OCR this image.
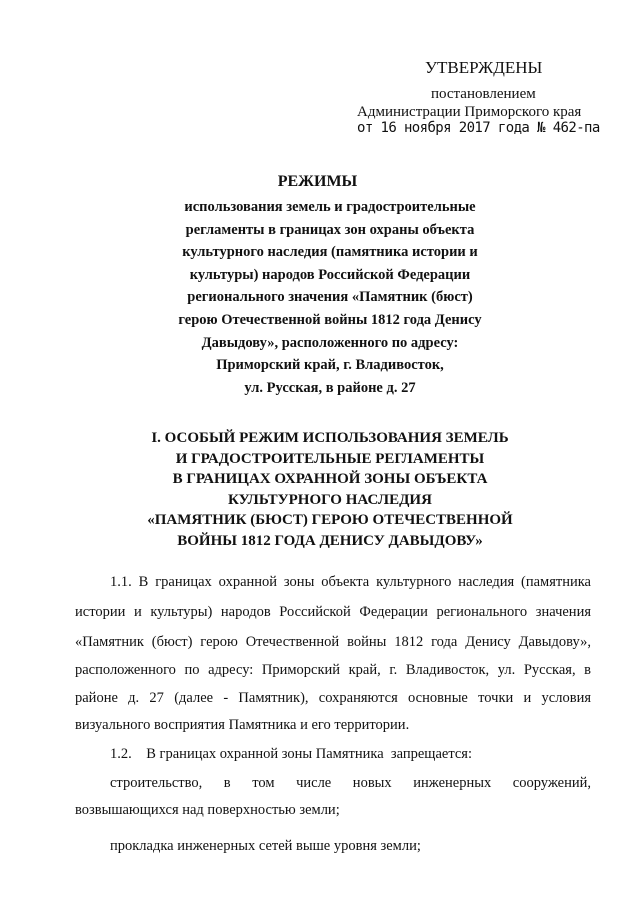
УТВЕРЖДЕНЫ
постановлением
Администрации Приморского края
от 16 ноября 2017 года № 462-па
РЕЖИМЫ
использования земель и градостроительные
регламенты в границах зон охраны объекта
культурного наследия (памятника истории и
культуры) народов Российской Федерации
регионального значения «Памятник (бюст)
герою Отечественной войны 1812 года Денису
Давыдову», расположенного по адресу:
Приморский край, г. Владивосток,
ул. Русская, в районе д. 27
I. ОСОБЫЙ РЕЖИМ ИСПОЛЬЗОВАНИЯ ЗЕМЕЛЬ
И ГРАДОСТРОИТЕЛЬНЫЕ РЕГЛАМЕНТЫ
В ГРАНИЦАХ ОХРАННОЙ ЗОНЫ ОБЪЕКТА
КУЛЬТУРНОГО НАСЛЕДИЯ
«ПАМЯТНИК (БЮСТ) ГЕРОЮ ОТЕЧЕСТВЕННОЙ
ВОЙНЫ 1812 ГОДА ДЕНИСУ ДАВЫДОВУ»
1.1. В границах охранной зоны объекта культурного наследия (памятника
истории и культуры) народов Российской Федерации регионального значения
«Памятник (бюст) герою Отечественной войны 1812 года Денису Давыдову»,
расположенного по адресу: Приморский край, г. Владивосток, ул. Русская, в
районе д. 27 (далее - Памятник), сохраняются основные точки и условия
визуального восприятия Памятника и его территории.
1.2.    В границах охранной зоны Памятника  запрещается:
строительство, в том числе новых инженерных сооружений,
возвышающихся над поверхностью земли;
прокладка инженерных сетей выше уровня земли;
